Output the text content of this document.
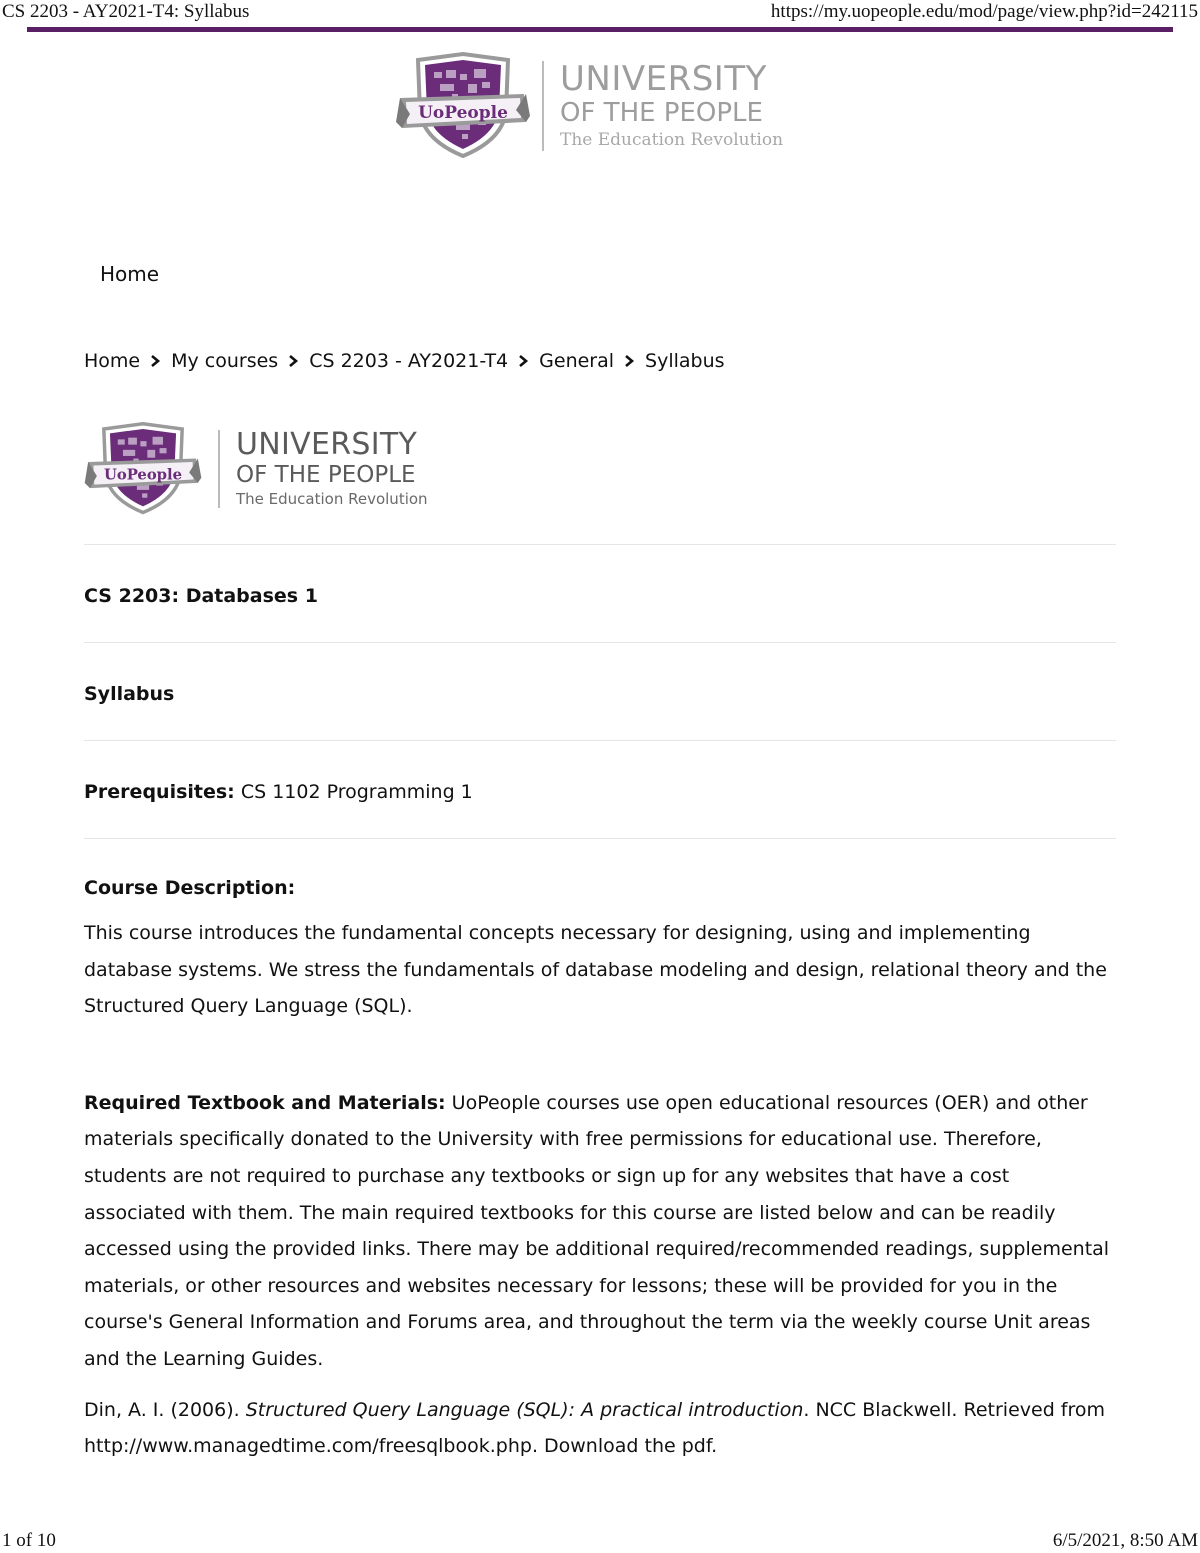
CS 2203 - AY2021-T4: Syllabus	https://my.uopeople.edu/mod/page/view.php?id=242115
UoPeople
UNIVERSITY
OF THE PEOPLE
The Education Revolution
Home
Home My courses CS 2203 - AY2021-T4 General Syllabus
UoPeople
UNIVERSITY
OF THE PEOPLE
The Education Revolution

CS 2203: Databases 1

Syllabus

Prerequisites: CS 1102 Programming 1

Course Description:

This course introduces the fundamental concepts necessary for designing, using and implementing database systems. We stress the fundamentals of database modeling and design, relational theory and the Structured Query Language (SQL).

Required Textbook and Materials: UoPeople courses use open educational resources (OER) and other materials specifically donated to the University with free permissions for educational use. Therefore, students are not required to purchase any textbooks or sign up for any websites that have a cost associated with them. The main required textbooks for this course are listed below and can be readily accessed using the provided links. There may be additional required/recommended readings, supplemental materials, or other resources and websites necessary for lessons; these will be provided for you in the course's General Information and Forums area, and throughout the term via the weekly course Unit areas and the Learning Guides.

Din, A. I. (2006). Structured Query Language (SQL): A practical introduction. NCC Blackwell. Retrieved from http://www.managedtime.com/freesqlbook.php. Download the pdf.

1 of 10	6/5/2021, 8:50 AM
